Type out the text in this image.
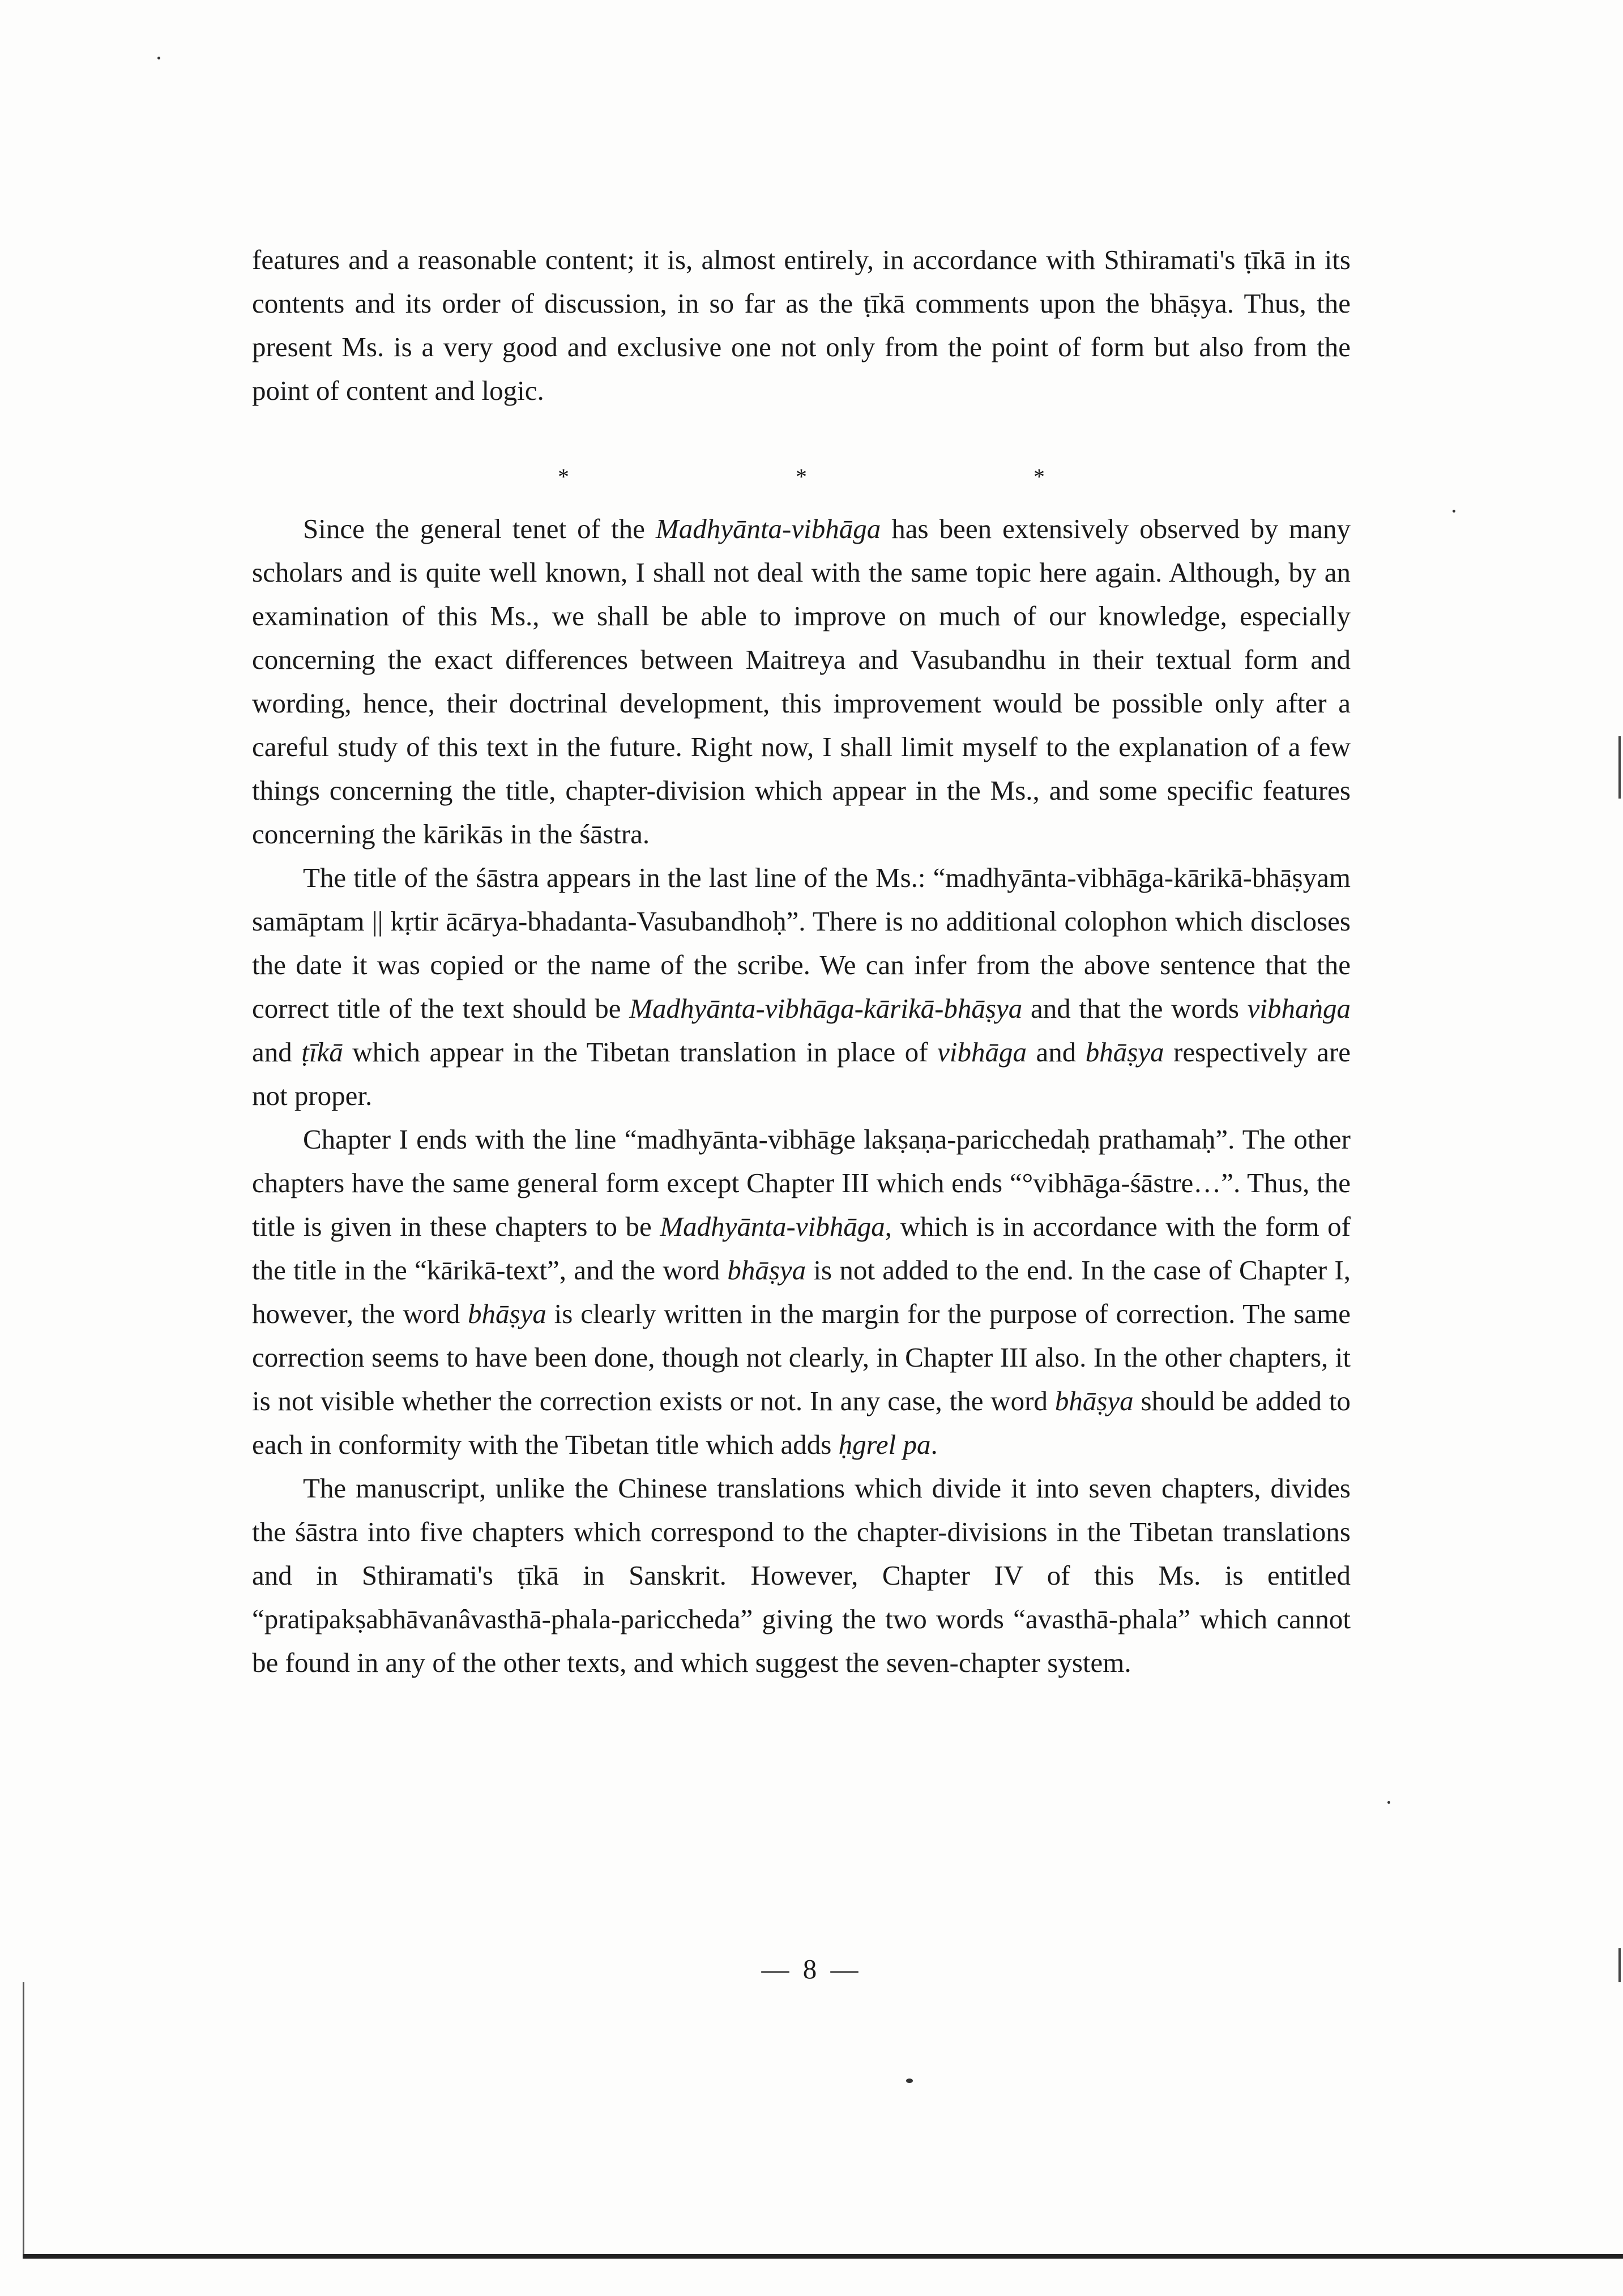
features and a reasonable content; it is, almost entirely, in accordance with Sthiramati's ṭīkā in its contents and its order of discussion, in so far as the ṭīkā comments upon the bhāṣya. Thus, the present Ms. is a very good and exclusive one not only from the point of form but also from the point of content and logic.

*	*	*

Since the general tenet of the Madhyānta-vibhāga has been extensively observed by many scholars and is quite well known, I shall not deal with the same topic here again. Although, by an examination of this Ms., we shall be able to improve on much of our knowledge, especially concerning the exact differences between Maitreya and Vasubandhu in their textual form and wording, hence, their doctrinal development, this improvement would be possible only after a careful study of this text in the future. Right now, I shall limit myself to the explanation of a few things concerning the title, chapter-division which appear in the Ms., and some specific features concerning the kārikās in the śāstra.

The title of the śāstra appears in the last line of the Ms.: “madhyānta-vibhāga-kārikā-bhāṣyam samāptam || kṛtir ācārya-bhadanta-Vasubandhoḥ”. There is no additional colophon which discloses the date it was copied or the name of the scribe. We can infer from the above sentence that the correct title of the text should be Madhyānta-vibhāga-kārikā-bhāṣya and that the words vibhaṅga and ṭīkā which appear in the Tibetan translation in place of vibhāga and bhāṣya respectively are not proper.

Chapter I ends with the line “madhyānta-vibhāge lakṣaṇa-paricchedaḥ prathamaḥ”. The other chapters have the same general form except Chapter III which ends “°vibhāga-śāstre…”. Thus, the title is given in these chapters to be Madhyānta-vibhāga, which is in accordance with the form of the title in the “kārikā-text”, and the word bhāṣya is not added to the end. In the case of Chapter I, however, the word bhāṣya is clearly written in the margin for the purpose of correction. The same correction seems to have been done, though not clearly, in Chapter III also. In the other chapters, it is not visible whether the correction exists or not. In any case, the word bhāṣya should be added to each in conformity with the Tibetan title which adds ḥgrel pa.

The manuscript, unlike the Chinese translations which divide it into seven chapters, divides the śāstra into five chapters which correspond to the chapter-divisions in the Tibetan translations and in Sthiramati's ṭīkā in Sanskrit. However, Chapter IV of this Ms. is entitled “pratipakṣabhāvanâvasthā-phala-pariccheda” giving the two words “avasthā-phala” which cannot be found in any of the other texts, and which suggest the seven-chapter system.

— 8 —
